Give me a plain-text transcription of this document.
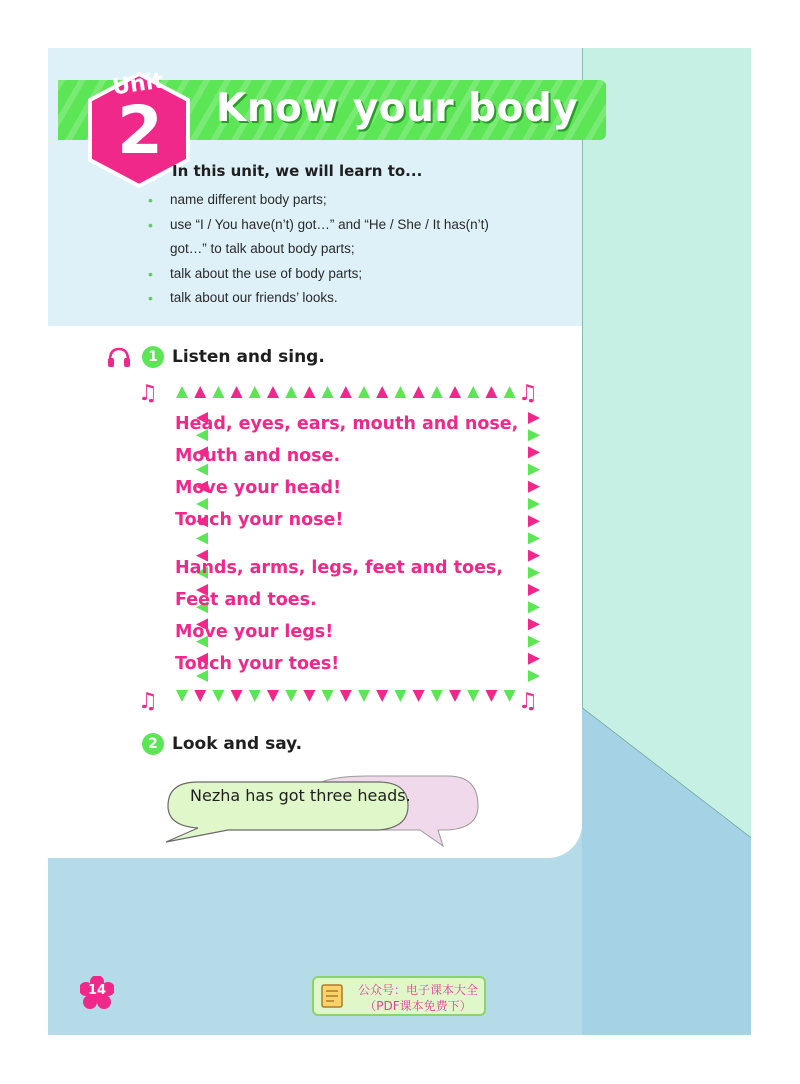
Know your body
Unit
2
In this unit, we will learn to...
• name different body parts;
• use “I / You have(n’t) got…” and “He / She / It has(n’t)
got…” to talk about body parts;
• talk about the use of body parts;
• talk about our friends’ looks.
1 Listen and sing.
♫	♫
♫	♫

Head, eyes, ears, mouth and nose,

Mouth and nose.

Move your head!

Touch your nose!

Hands, arms, legs, feet and toes,

Feet and toes.

Move your legs!

Touch your toes!

2 Look and say.
Nezha has got three heads.
14	公众号：电子课本大全
（PDF课本免费下）
